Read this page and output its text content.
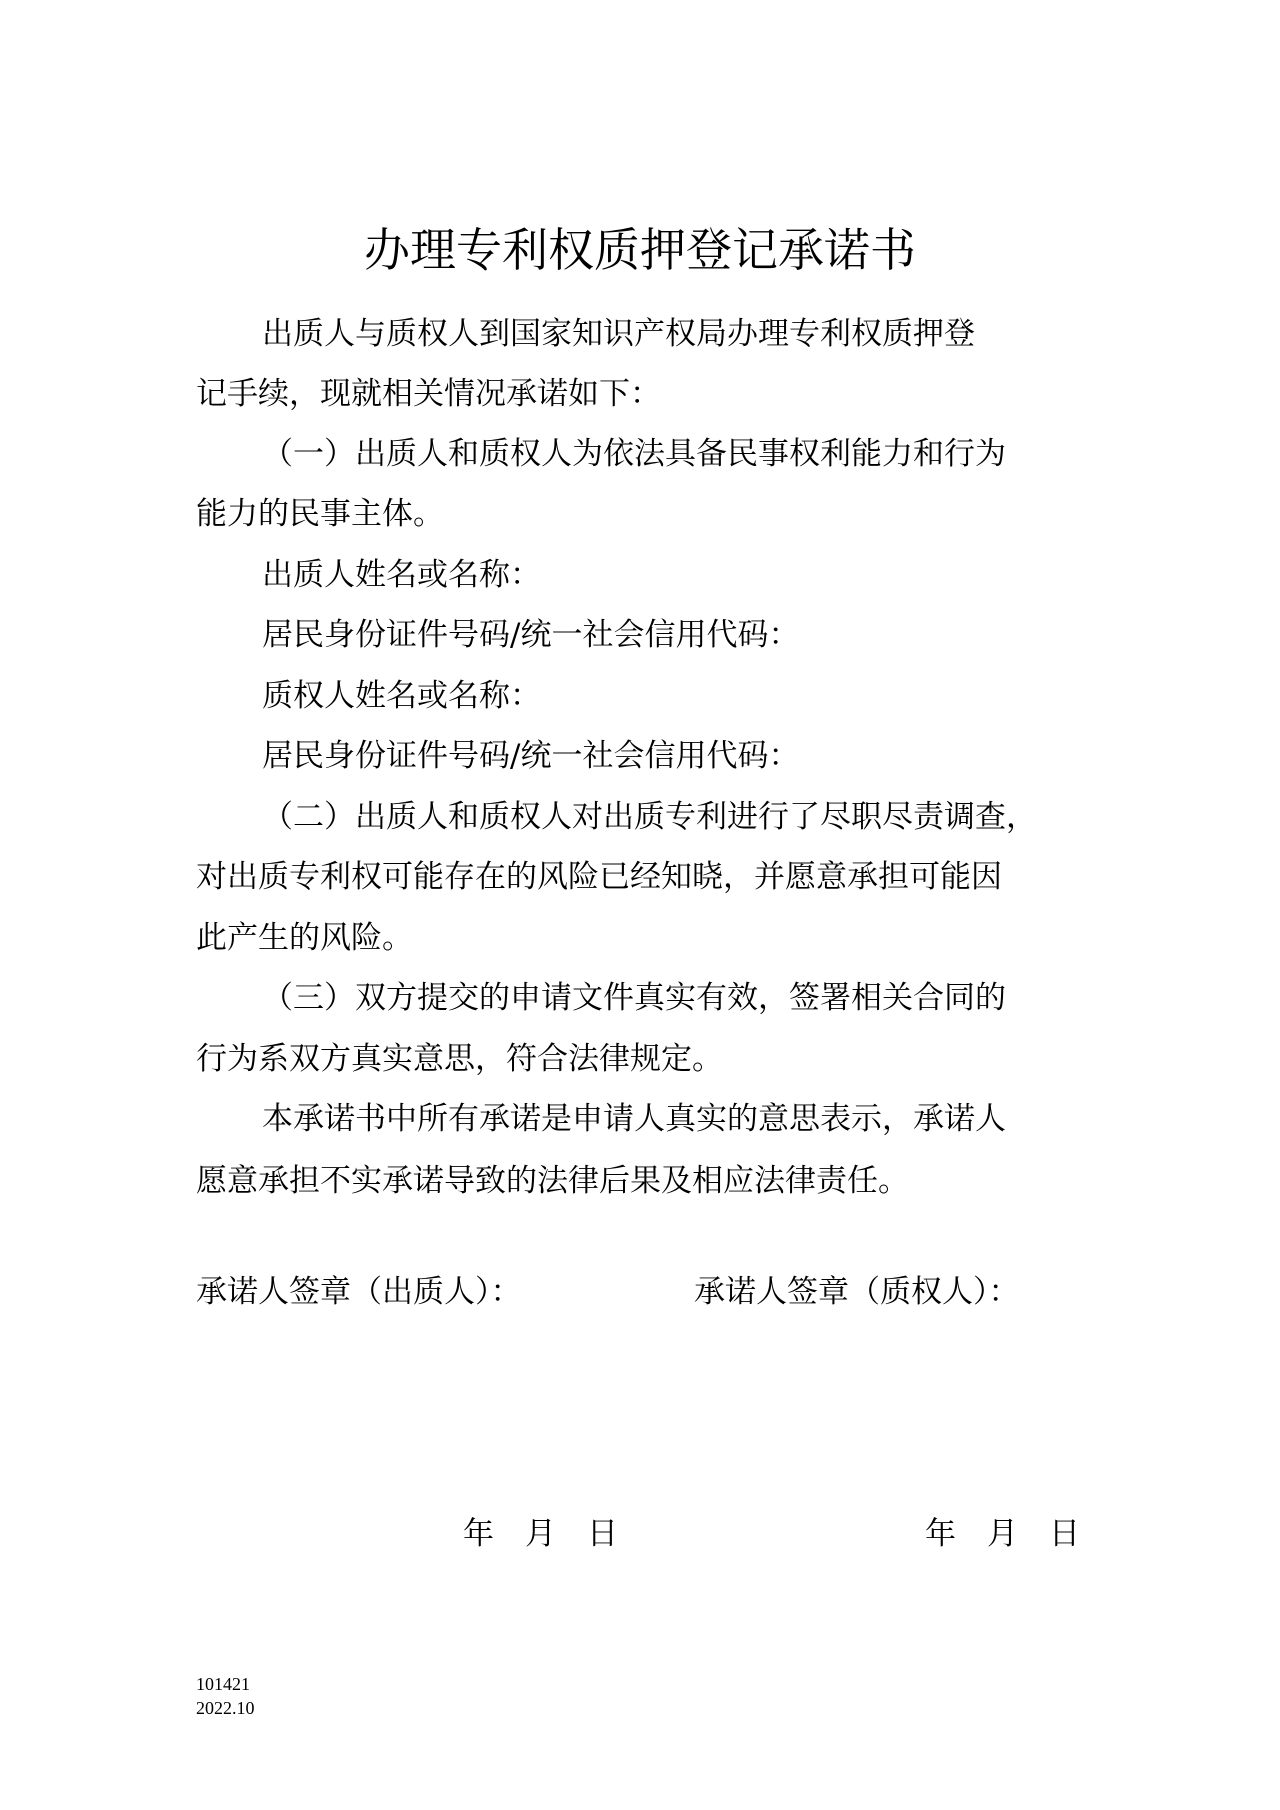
办理专利权质押登记承诺书
出质人与质权人到国家知识产权局办理专利权质押登
记手续，现就相关情况承诺如下：
（一）出质人和质权人为依法具备民事权利能力和行为
能力的民事主体。
出质人姓名或名称：
居民身份证件号码/统一社会信用代码：
质权人姓名或名称：
居民身份证件号码/统一社会信用代码：
（二）出质人和质权人对出质专利进行了尽职尽责调查，
对出质专利权可能存在的风险已经知晓，并愿意承担可能因
此产生的风险。
（三）双方提交的申请文件真实有效，签署相关合同的
行为系双方真实意思，符合法律规定。
本承诺书中所有承诺是申请人真实的意思表示，承诺人
愿意承担不实承诺导致的法律后果及相应法律责任。
承诺人签章（出质人）：	承诺人签章（质权人）：
年　月　日	年　月　日
101421
2022.10
